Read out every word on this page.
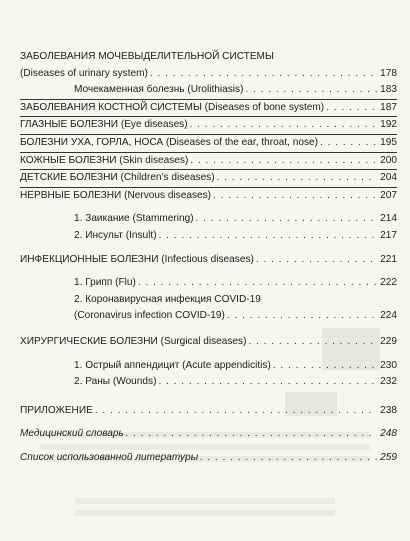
ЗАБОЛЕВАНИЯ МОЧЕВЫДЕЛИТЕЛЬНОЙ СИСТЕМЫ
(Diseases of urinary system) . . .	178
Мочекаменная болезнь (Urolithiasis) . . .	183
ЗАБОЛЕВАНИЯ КОСТНОЙ СИСТЕМЫ (Diseases of bone system) . . .	187
ГЛАЗНЫЕ БОЛЕЗНИ (Eye diseases) . . .	192
БОЛЕЗНИ УХА, ГОРЛА, НОСА (Diseases of the ear, throat, nose) . . .	195
КОЖНЫЕ БОЛЕЗНИ (Skin diseases) . . .	200
ДЕТСКИЕ БОЛЕЗНИ (Children’s diseases) . . .	204
НЕРВНЫЕ БОЛЕЗНИ (Nervous diseases) . . .	207
1. Заикание (Stammering) . . .	214
2. Инсульт (Insult) . . .	217
ИНФЕКЦИОННЫЕ БОЛЕЗНИ (Infectious diseases) . . .	221
1. Грипп (Flu) . . .	222
2. Коронавирусная инфекция COVID-19
(Coronavirus infection COVID-19) . . .	224
ХИРУРГИЧЕСКИЕ БОЛЕЗНИ (Surgical diseases) . . .	229
1. Острый аппендицит (Acute appendicitis) . . .	230
2. Раны (Wounds) . . .	232
ПРИЛОЖЕНИЕ . . .	238
Медицинский словарь . . .	248
Список использованной литературы . . .	259
